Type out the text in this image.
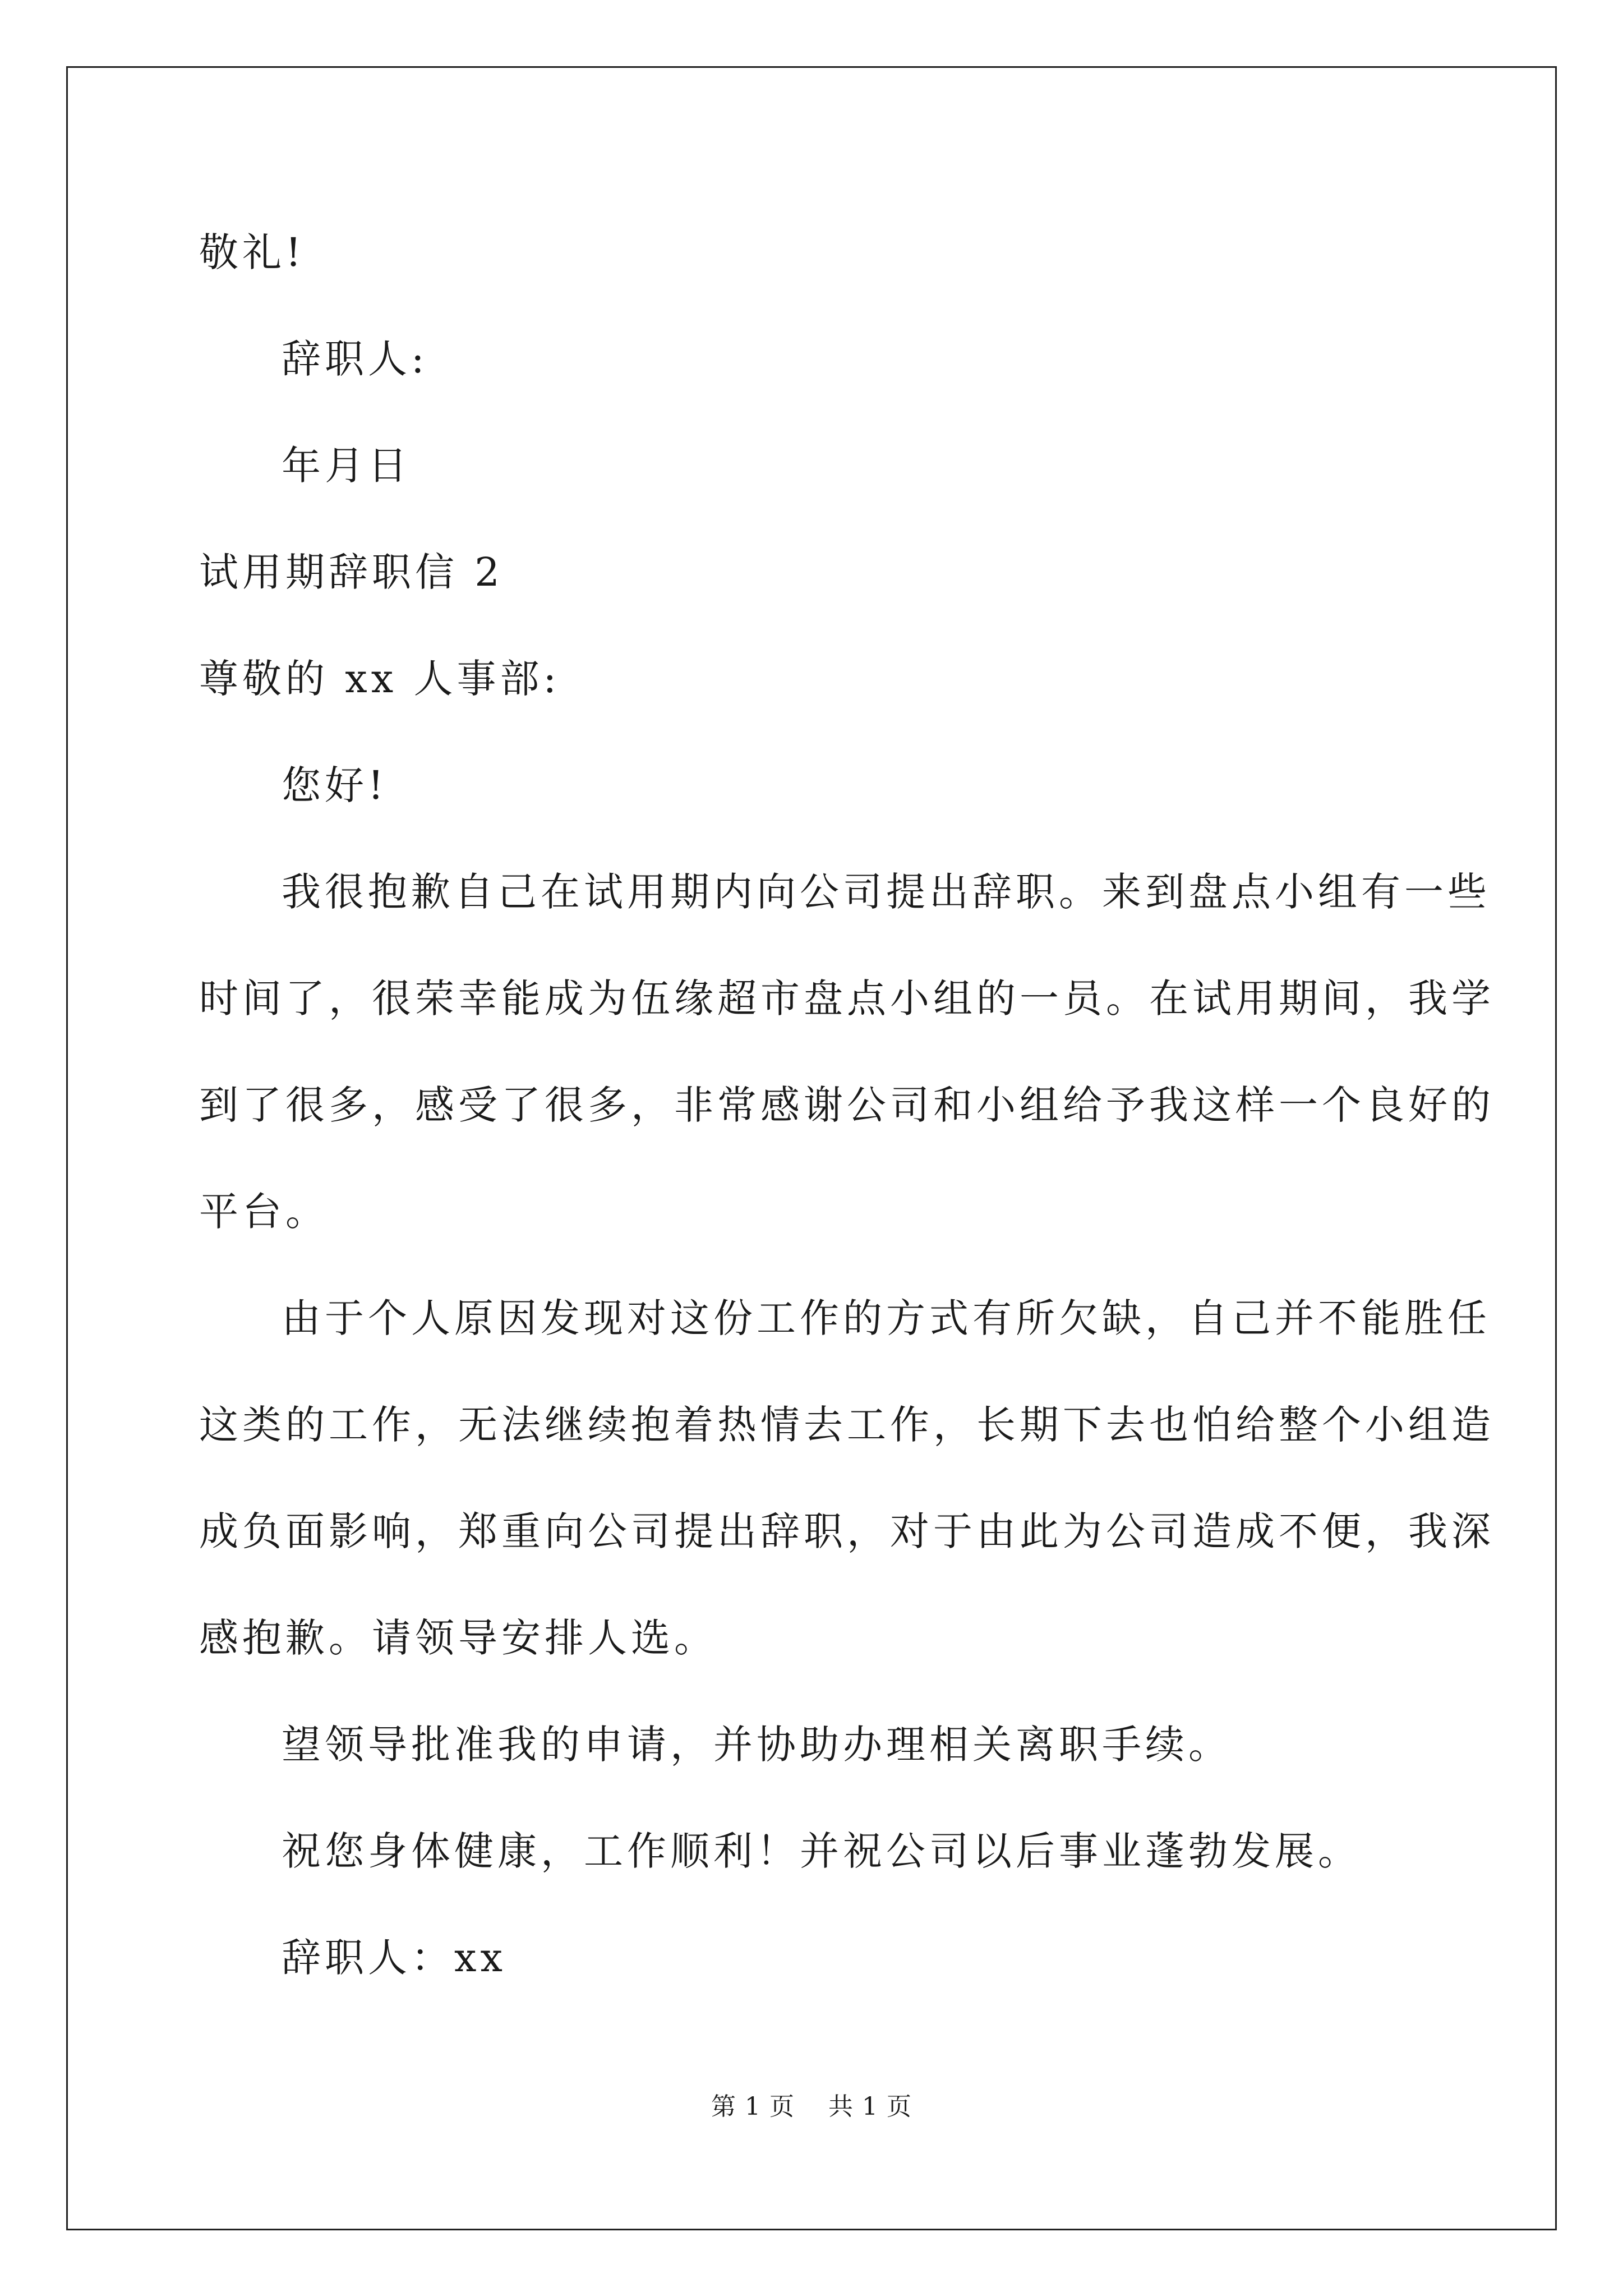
敬礼!
辞职人:
年月日
试用期辞职信 2
尊敬的 xx 人事部:
您好!
我很抱歉自己在试用期内向公司提出辞职。来到盘点小组有一些
时间了，很荣幸能成为伍缘超市盘点小组的一员。在试用期间，我学
到了很多，感受了很多，非常感谢公司和小组给予我这样一个良好的
平台。
由于个人原因发现对这份工作的方式有所欠缺，自己并不能胜任
这类的工作，无法继续抱着热情去工作，长期下去也怕给整个小组造
成负面影响，郑重向公司提出辞职，对于由此为公司造成不便，我深
感抱歉。请领导安排人选。
望领导批准我的申请，并协助办理相关离职手续。
祝您身体健康，工作顺利！并祝公司以后事业蓬勃发展。
辞职人：xx
第 1 页 共 1 页
